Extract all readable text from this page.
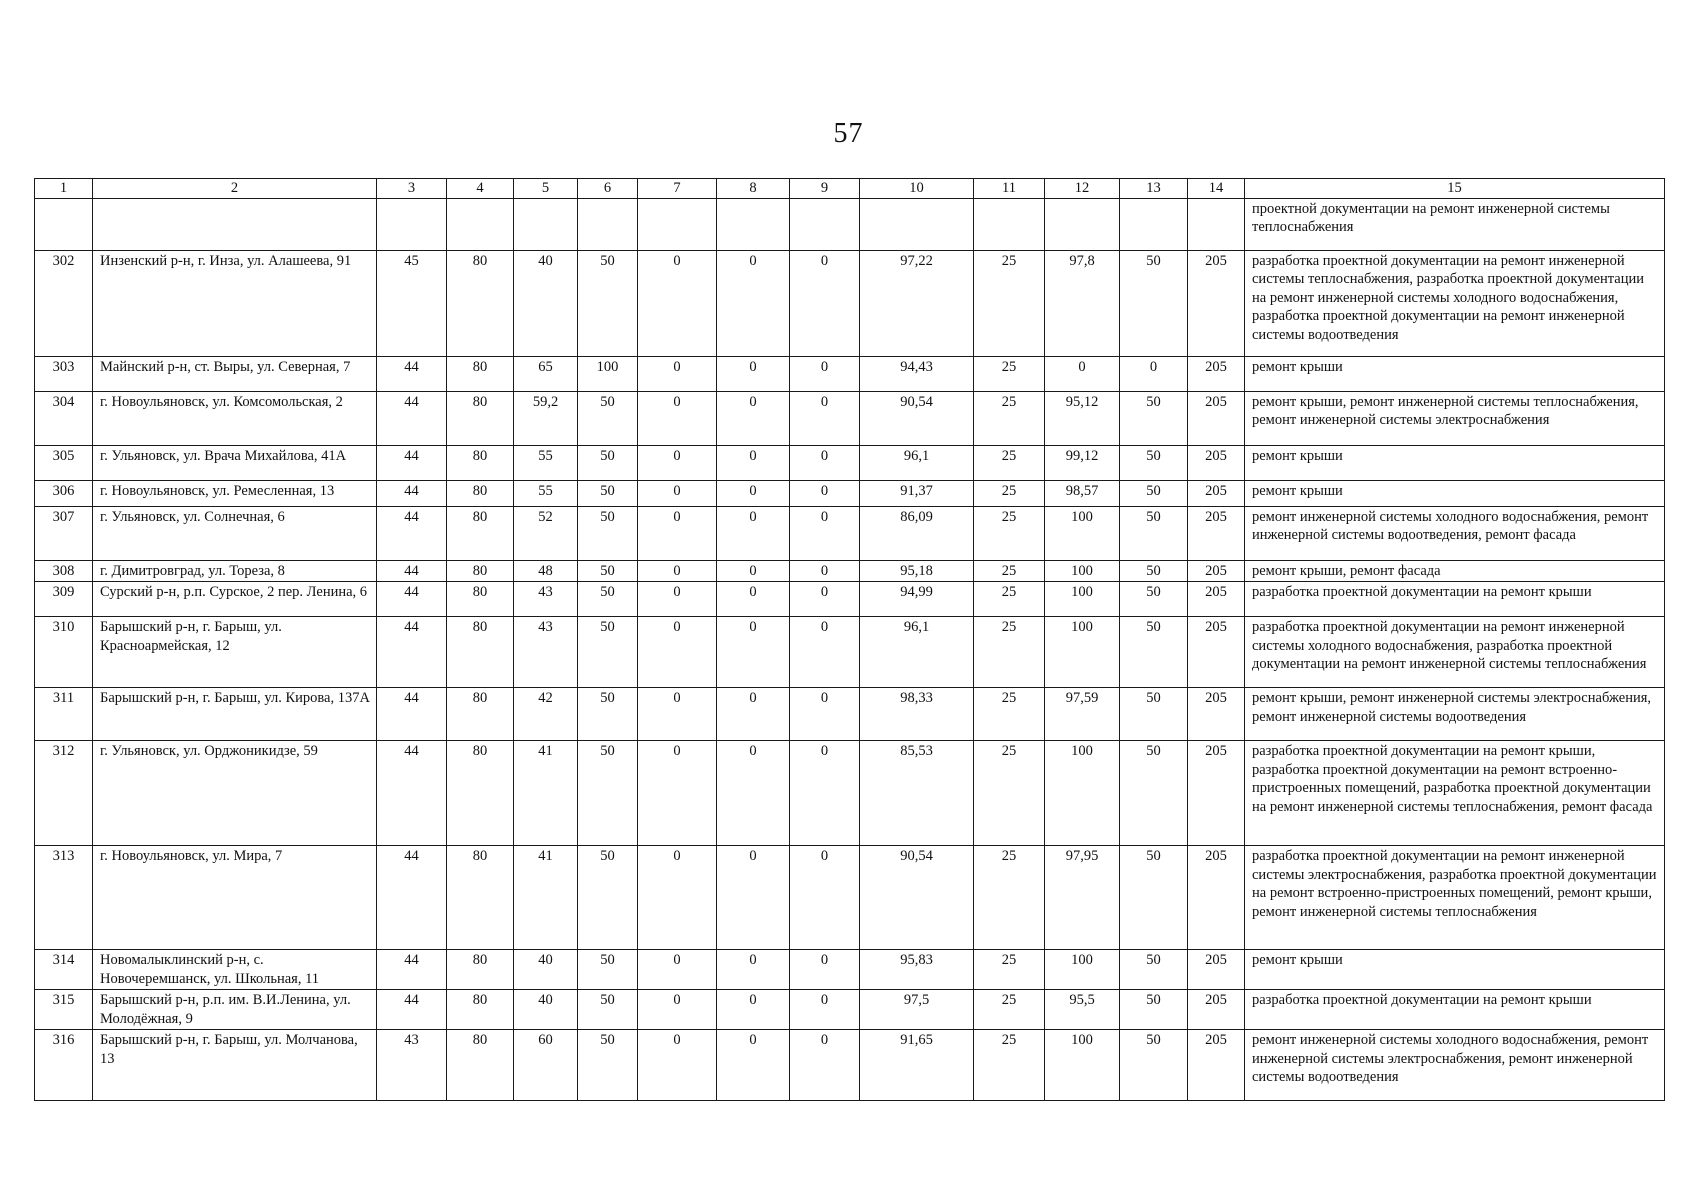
57
1	2	3	4	5	6	7	8	9	10	11	12	13	14	15
														проектной документации на ремонт инженерной системы теплоснабжения
302	Инзенский р-н, г. Инза, ул. Алашеева, 91	45	80	40	50	0	0	0	97,22	25	97,8	50	205	разработка проектной документации на ремонт инженерной системы теплоснабжения, разработка проектной документации на ремонт инженерной системы холодного водоснабжения, разработка проектной документации на ремонт инженерной системы водоотведения
303	Майнский р-н, ст. Выры, ул. Северная, 7	44	80	65	100	0	0	0	94,43	25	0	0	205	ремонт крыши
304	г. Новоульяновск, ул. Комсомольская, 2	44	80	59,2	50	0	0	0	90,54	25	95,12	50	205	ремонт крыши, ремонт инженерной системы теплоснабжения, ремонт инженерной системы электроснабжения
305	г. Ульяновск, ул. Врача Михайлова, 41А	44	80	55	50	0	0	0	96,1	25	99,12	50	205	ремонт крыши
306	г. Новоульяновск, ул. Ремесленная, 13	44	80	55	50	0	0	0	91,37	25	98,57	50	205	ремонт крыши
307	г. Ульяновск, ул. Солнечная, 6	44	80	52	50	0	0	0	86,09	25	100	50	205	ремонт инженерной системы холодного водоснабжения, ремонт инженерной системы водоотведения, ремонт фасада
308	г. Димитровград, ул. Тореза, 8	44	80	48	50	0	0	0	95,18	25	100	50	205	ремонт крыши, ремонт фасада
309	Сурский р-н, р.п. Сурское, 2 пер. Ленина, 6	44	80	43	50	0	0	0	94,99	25	100	50	205	разработка проектной документации на ремонт крыши
310	Барышский р-н, г. Барыш, ул. Красноармейская, 12	44	80	43	50	0	0	0	96,1	25	100	50	205	разработка проектной документации на ремонт инженерной системы холодного водоснабжения, разработка проектной документации на ремонт инженерной системы теплоснабжения
311	Барышский р-н, г. Барыш, ул. Кирова, 137А	44	80	42	50	0	0	0	98,33	25	97,59	50	205	ремонт крыши, ремонт инженерной системы электроснабжения, ремонт инженерной системы водоотведения
312	г. Ульяновск, ул. Орджоникидзе, 59	44	80	41	50	0	0	0	85,53	25	100	50	205	разработка проектной документации на ремонт крыши, разработка проектной документации на ремонт встроенно-пристроенных помещений, разработка проектной документации на ремонт инженерной системы теплоснабжения, ремонт фасада
313	г. Новоульяновск, ул. Мира, 7	44	80	41	50	0	0	0	90,54	25	97,95	50	205	разработка проектной документации на ремонт инженерной системы электроснабжения, разработка проектной документации на ремонт встроенно-пристроенных помещений, ремонт крыши, ремонт инженерной системы теплоснабжения
314	Новомалыклинский р-н, с. Новочеремшанск, ул. Школьная, 11	44	80	40	50	0	0	0	95,83	25	100	50	205	ремонт крыши
315	Барышский р-н, р.п. им. В.И.Ленина, ул. Молодёжная, 9	44	80	40	50	0	0	0	97,5	25	95,5	50	205	разработка проектной документации на ремонт крыши
316	Барышский р-н, г. Барыш, ул. Молчанова, 13	43	80	60	50	0	0	0	91,65	25	100	50	205	ремонт инженерной системы холодного водоснабжения, ремонт инженерной системы электроснабжения, ремонт инженерной системы водоотведения
